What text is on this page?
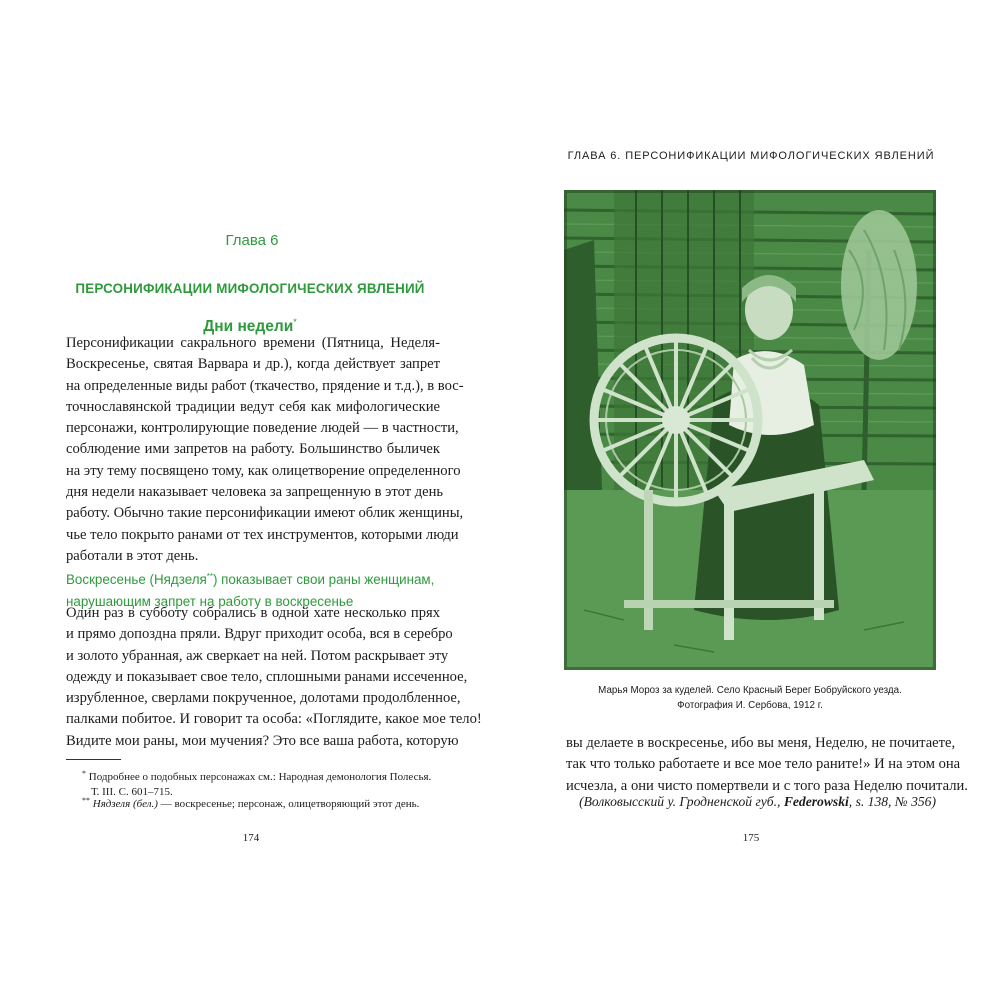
Глава 6
ПЕРСОНИФИКАЦИИ МИФОЛОГИЧЕСКИХ ЯВЛЕНИЙ
Дни недели*
Персонификации сакрального времени (Пятница, Неделя-
Воскресенье, святая Варвара и др.), когда действует запрет
на определенные виды работ (ткачество, прядение и т.д.), в вос-
точнославянской традиции ведут себя как мифологические
персонажи, контролирующие поведение людей — в частности,
соблюдение ими запретов на работу. Большинство быличек
на эту тему посвящено тому, как олицетворение определенного
дня недели наказывает человека за запрещенную в этот день
работу. Обычно такие персонификации имеют облик женщины,
чье тело покрыто ранами от тех инструментов, которыми люди
работали в этот день.
Воскресенье (Нядзеля**) показывает свои раны женщинам,
нарушающим запрет на работу в воскресенье
Один раз в субботу собрались в одной хате несколько прях
и прямо допоздна пряли. Вдруг приходит особа, вся в серебро
и золото убранная, аж сверкает на ней. Потом раскрывает эту
одежду и показывает свое тело, сплошными ранами иссеченное,
изрубленное, сверлами покрученное, долотами продолбленное,
палками побитое. И говорит та особа: «Поглядите, какое мое тело!
Видите мои раны, мои мучения? Это все ваша работа, которую
* Подробнее о подобных персонажах см.: Народная демонология Полесья.
Т. III. С. 601–715.
** Нядзеля (бел.) — воскресенье; персонаж, олицетворяющий этот день.
174
ГЛАВА 6. ПЕРСОНИФИКАЦИИ МИФОЛОГИЧЕСКИХ ЯВЛЕНИЙ
Марья Мороз за куделей. Село Красный Берег Бобруйского уезда.
Фотография И. Сербова, 1912 г.
вы делаете в воскресенье, ибо вы меня, Неделю, не почитаете,
так что только работаете и все мое тело раните!» И на этом она
исчезла, а они чисто помертвели и с того раза Неделю почитали.
(Волковысский у. Гродненской губ., Federowski, s. 138, № 356)
175
